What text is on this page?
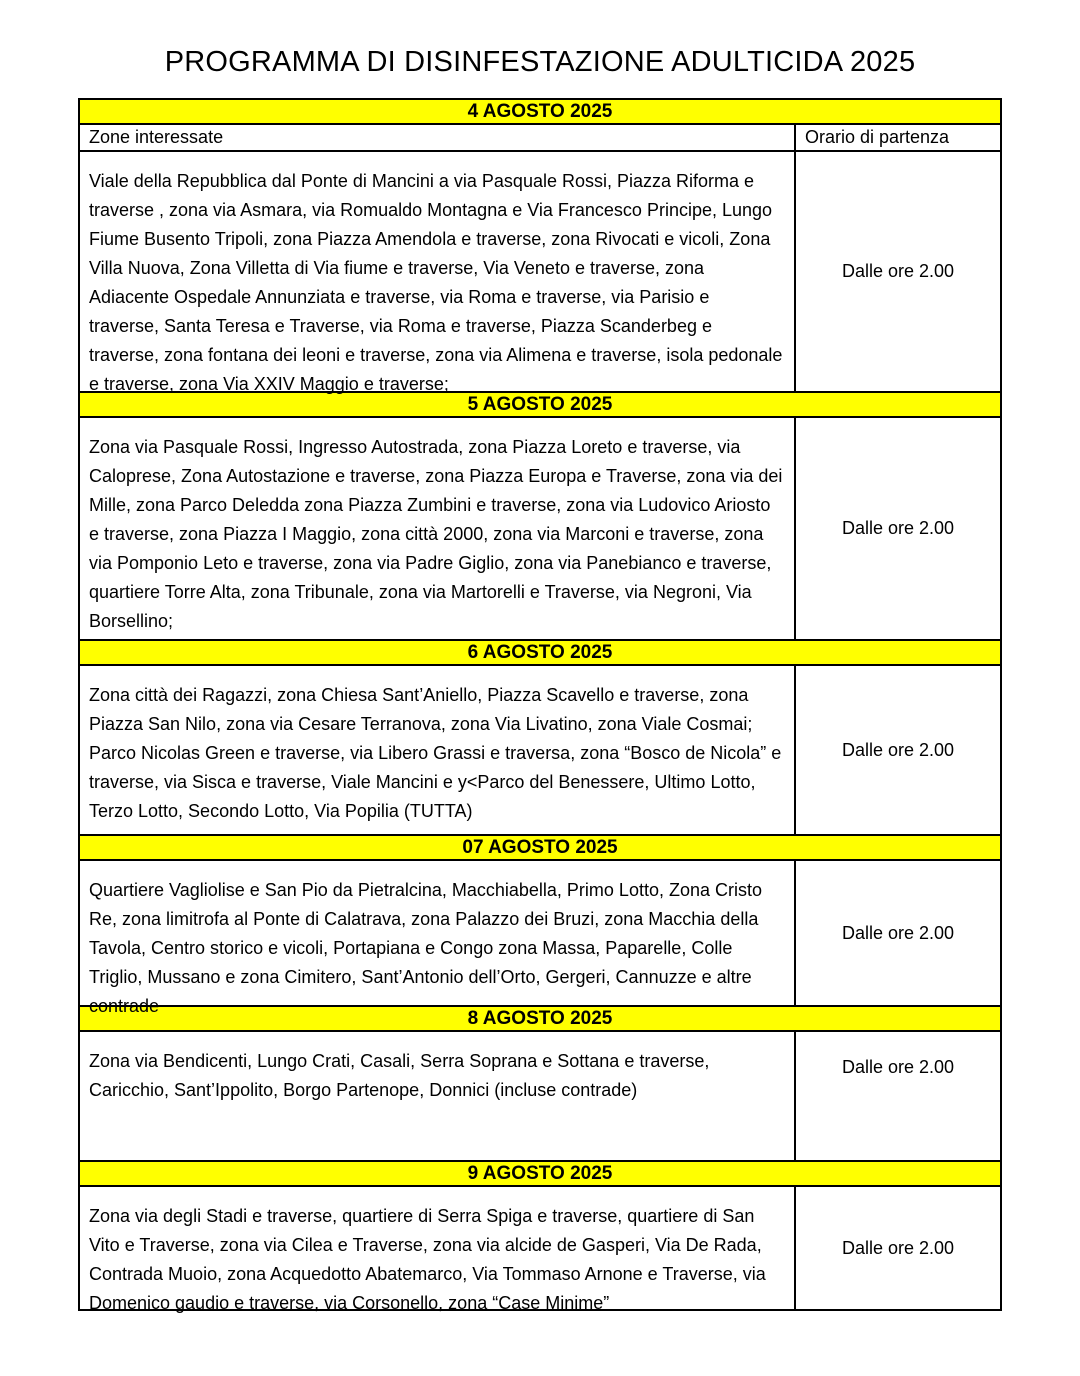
PROGRAMMA DI DISINFESTAZIONE ADULTICIDA 2025
4 AGOSTO 2025
Zone interessate	Orario di partenza
Viale della Repubblica dal Ponte di Mancini a via Pasquale Rossi, Piazza Riforma e traverse , zona via Asmara, via Romualdo Montagna e Via Francesco Principe, Lungo Fiume Busento Tripoli, zona Piazza Amendola e traverse, zona Rivocati e vicoli, Zona Villa Nuova, Zona Villetta di Via fiume e traverse, Via Veneto e traverse, zona Adiacente Ospedale Annunziata e traverse, via Roma e traverse, via Parisio e traverse, Santa Teresa e Traverse, via Roma e traverse, Piazza Scanderbeg e traverse, zona fontana dei leoni e traverse, zona via Alimena e traverse, isola pedonale e traverse, zona Via XXIV Maggio e traverse;
Dalle ore 2.00
5 AGOSTO 2025
Zona via Pasquale Rossi, Ingresso Autostrada, zona Piazza Loreto e traverse, via Caloprese, Zona Autostazione e traverse, zona Piazza Europa e Traverse, zona via dei Mille, zona Parco Deledda zona Piazza Zumbini e traverse, zona via Ludovico Ariosto e traverse, zona Piazza I Maggio, zona città 2000, zona via Marconi e traverse, zona via Pomponio Leto e traverse, zona via Padre Giglio, zona via Panebianco e traverse, quartiere Torre Alta, zona Tribunale, zona via Martorelli e Traverse, via Negroni, Via Borsellino;
Dalle ore 2.00
6 AGOSTO 2025
Zona città dei Ragazzi, zona Chiesa Sant’Aniello, Piazza Scavello e traverse, zona Piazza San Nilo, zona via Cesare Terranova, zona Via Livatino, zona Viale Cosmai; Parco Nicolas Green e traverse, via Libero Grassi e traversa, zona “Bosco de Nicola” e traverse, via Sisca e traverse, Viale Mancini e y<Parco del Benessere, Ultimo Lotto, Terzo Lotto, Secondo Lotto, Via Popilia (TUTTA)
Dalle ore 2.00
07 AGOSTO 2025
Quartiere Vagliolise e San Pio da Pietralcina, Macchiabella, Primo Lotto, Zona Cristo Re, zona limitrofa al Ponte di Calatrava, zona Palazzo dei Bruzi, zona Macchia della Tavola, Centro storico e vicoli, Portapiana e Congo zona Massa, Paparelle, Colle Triglio, Mussano e zona Cimitero, Sant’Antonio dell’Orto, Gergeri, Cannuzze e altre contrade
Dalle ore 2.00
8 AGOSTO 2025
Zona via Bendicenti, Lungo Crati, Casali, Serra Soprana e Sottana e traverse, Caricchio, Sant’Ippolito, Borgo Partenope, Donnici (incluse contrade)
Dalle ore 2.00
9 AGOSTO 2025
Zona via degli Stadi e traverse, quartiere di Serra Spiga e traverse, quartiere di San Vito e Traverse, zona via Cilea e Traverse, zona via alcide de Gasperi, Via De Rada, Contrada Muoio, zona Acquedotto Abatemarco, Via Tommaso Arnone e Traverse, via Domenico gaudio e traverse, via Corsonello, zona “Case Minime”
Dalle ore 2.00
